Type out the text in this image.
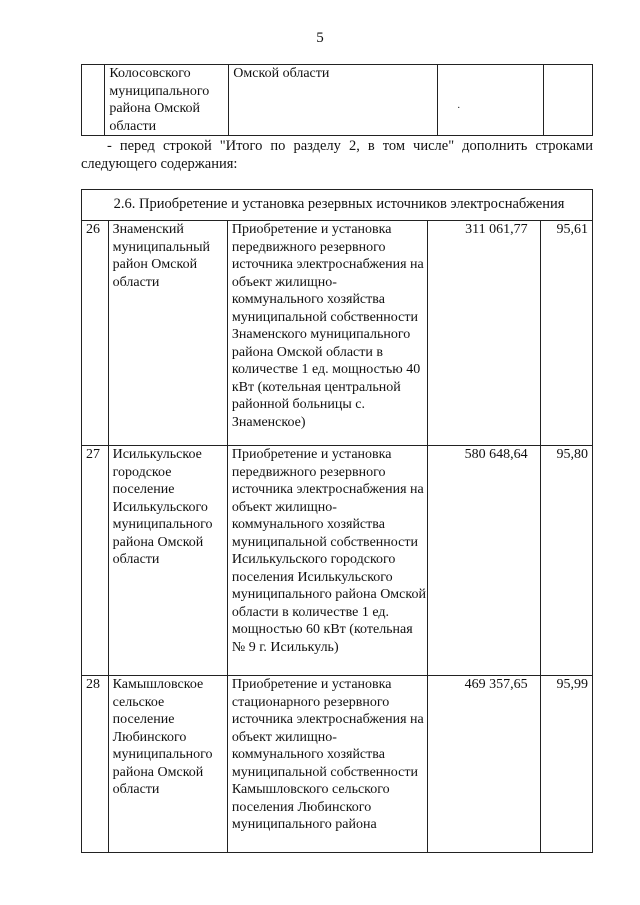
5
	Колосовского муниципального района Омской области	Омской области	
.

- перед строкой "Итого по разделу 2, в том числе" дополнить строками следующего содержания:
2.6. Приобретение и установка резервных источников электроснабжения				
26	Знаменский муниципальный район Омской области	Приобретение и установка передвижного резервного источника электроснабжения на объект жилищно-коммунального хозяйства муниципальной собственности Знаменского муниципального района Омской области в количестве 1 ед. мощностью 40 кВт (котельная центральной районной больницы с. Знаменское)	311 061,77	95,61
27	Исилькульское городское поселение Исилькульского муниципального района Омской области	Приобретение и установка передвижного резервного источника электроснабжения на объект жилищно-коммунального хозяйства муниципальной собственности Исилькульского городского поселения Исилькульского муниципального района Омской области в количестве 1 ед. мощностью 60 кВт (котельная № 9 г. Исилькуль)	580 648,64	95,80
28	Камышловское сельское поселение Любинского муниципального района Омской области	Приобретение и установка стационарного резервного источника электроснабжения на объект жилищно-коммунального хозяйства муниципальной собственности Камышловского сельского поселения Любинского муниципального района	469 357,65	95,99
